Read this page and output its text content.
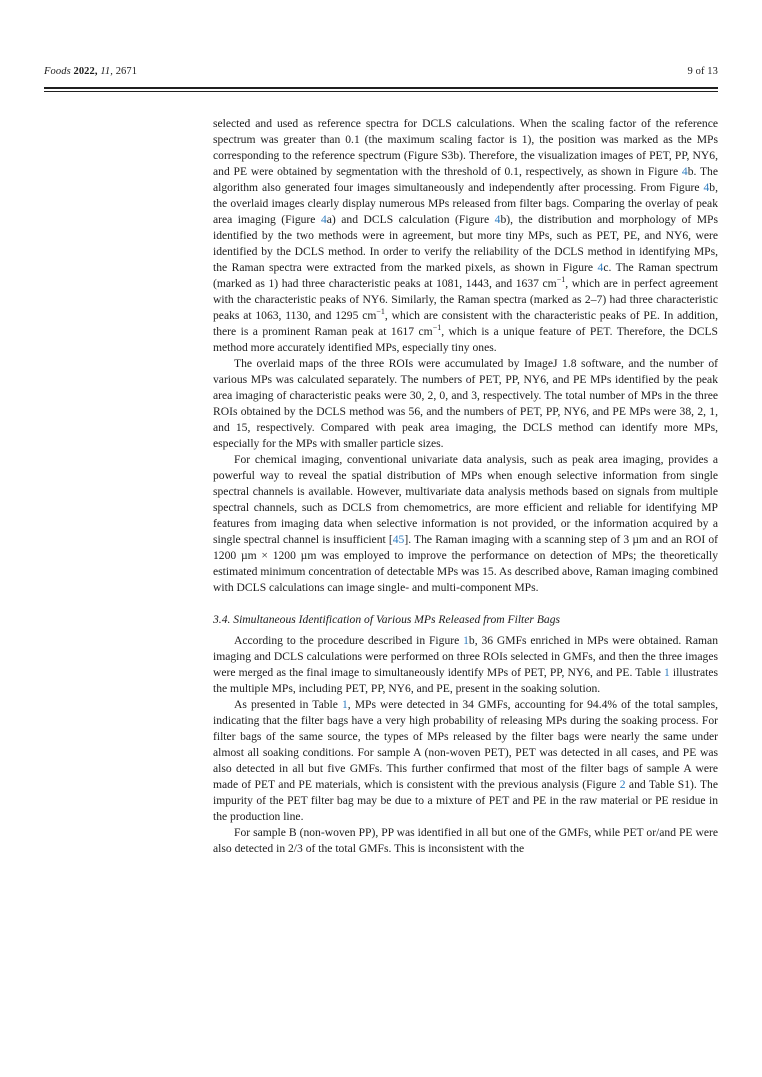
Foods 2022, 11, 2671	9 of 13

selected and used as reference spectra for DCLS calculations. When the scaling factor of the reference spectrum was greater than 0.1 (the maximum scaling factor is 1), the position was marked as the MPs corresponding to the reference spectrum (Figure S3b). Therefore, the visualization images of PET, PP, NY6, and PE were obtained by segmentation with the threshold of 0.1, respectively, as shown in Figure 4b. The algorithm also generated four images simultaneously and independently after processing. From Figure 4b, the overlaid images clearly display numerous MPs released from filter bags. Comparing the overlay of peak area imaging (Figure 4a) and DCLS calculation (Figure 4b), the distribution and morphology of MPs identified by the two methods were in agreement, but more tiny MPs, such as PET, PE, and NY6, were identified by the DCLS method. In order to verify the reliability of the DCLS method in identifying MPs, the Raman spectra were extracted from the marked pixels, as shown in Figure 4c. The Raman spectrum (marked as 1) had three characteristic peaks at 1081, 1443, and 1637 $cm^{-1}$, which are in perfect agreement with the characteristic peaks of NY6. Similarly, the Raman spectra (marked as 2–7) had three characteristic peaks at 1063, 1130, and 1295 $cm^{-1}$, which are consistent with the characteristic peaks of PE. In addition, there is a prominent Raman peak at 1617 $cm^{-1}$, which is a unique feature of PET. Therefore, the DCLS method more accurately identified MPs, especially tiny ones.

The overlaid maps of the three ROIs were accumulated by ImageJ 1.8 software, and the number of various MPs was calculated separately. The numbers of PET, PP, NY6, and PE MPs identified by the peak area imaging of characteristic peaks were 30, 2, 0, and 3, respectively. The total number of MPs in the three ROIs obtained by the DCLS method was 56, and the numbers of PET, PP, NY6, and PE MPs were 38, 2, 1, and 15, respectively. Compared with peak area imaging, the DCLS method can identify more MPs, especially for the MPs with smaller particle sizes.

For chemical imaging, conventional univariate data analysis, such as peak area imaging, provides a powerful way to reveal the spatial distribution of MPs when enough selective information from single spectral channels is available. However, multivariate data analysis methods based on signals from multiple spectral channels, such as DCLS from chemometrics, are more efficient and reliable for identifying MP features from imaging data when selective information is not provided, or the information acquired by a single spectral channel is insufficient [45]. The Raman imaging with a scanning step of 3 µm and an ROI of 1200 µm × 1200 µm was employed to improve the performance on detection of MPs; the theoretically estimated minimum concentration of detectable MPs was 15. As described above, Raman imaging combined with DCLS calculations can image single- and multi-component MPs.

3.4. Simultaneous Identification of Various MPs Released from Filter Bags

According to the procedure described in Figure 1b, 36 GMFs enriched in MPs were obtained. Raman imaging and DCLS calculations were performed on three ROIs selected in GMFs, and then the three images were merged as the final image to simultaneously identify MPs of PET, PP, NY6, and PE. Table 1 illustrates the multiple MPs, including PET, PP, NY6, and PE, present in the soaking solution.

As presented in Table 1, MPs were detected in 34 GMFs, accounting for 94.4% of the total samples, indicating that the filter bags have a very high probability of releasing MPs during the soaking process. For filter bags of the same source, the types of MPs released by the filter bags were nearly the same under almost all soaking conditions. For sample A (non-woven PET), PET was detected in all cases, and PE was also detected in all but five GMFs. This further confirmed that most of the filter bags of sample A were made of PET and PE materials, which is consistent with the previous analysis (Figure 2 and Table S1). The impurity of the PET filter bag may be due to a mixture of PET and PE in the raw material or PE residue in the production line.

For sample B (non-woven PP), PP was identified in all but one of the GMFs, while PET or/and PE were also detected in 2/3 of the total GMFs. This is inconsistent with the
